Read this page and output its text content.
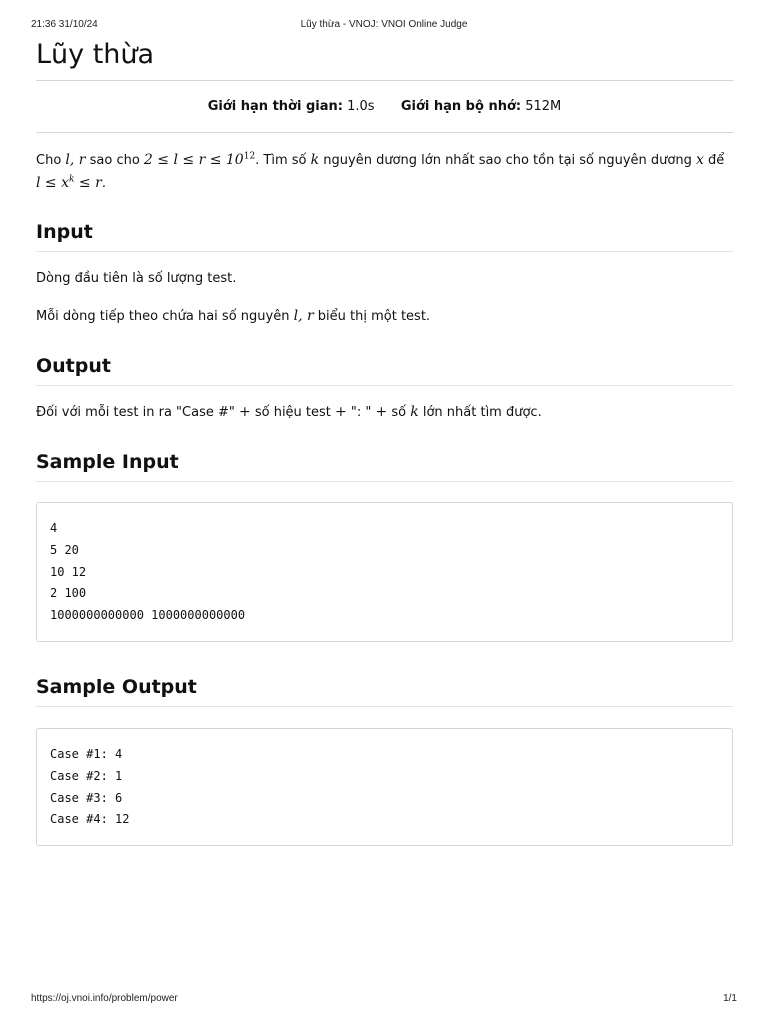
21:36 31/10/24	Lũy thừa - VNOJ: VNOI Online Judge
Lũy thừa
Giới hạn thời gian: 1.0s Giới hạn bộ nhớ: 512M

Cho l, r sao cho $2 \le l \le r \le 10^{12}$. Tìm số k nguyên dương lớn nhất sao cho tồn tại số nguyên dương x để
$l \le x^k \le r$.

Input

Dòng đầu tiên là số lượng test.

Mỗi dòng tiếp theo chứa hai số nguyên l, r biểu thị một test.

Output

Đối với mỗi test in ra "Case #" + số hiệu test + ": " + số k lớn nhất tìm được.

Sample Input
4
5 20
10 12
2 100
1000000000000 1000000000000
Sample Output
Case #1: 4
Case #2: 1
Case #3: 6
Case #4: 12
https://oj.vnoi.info/problem/power	1/1
